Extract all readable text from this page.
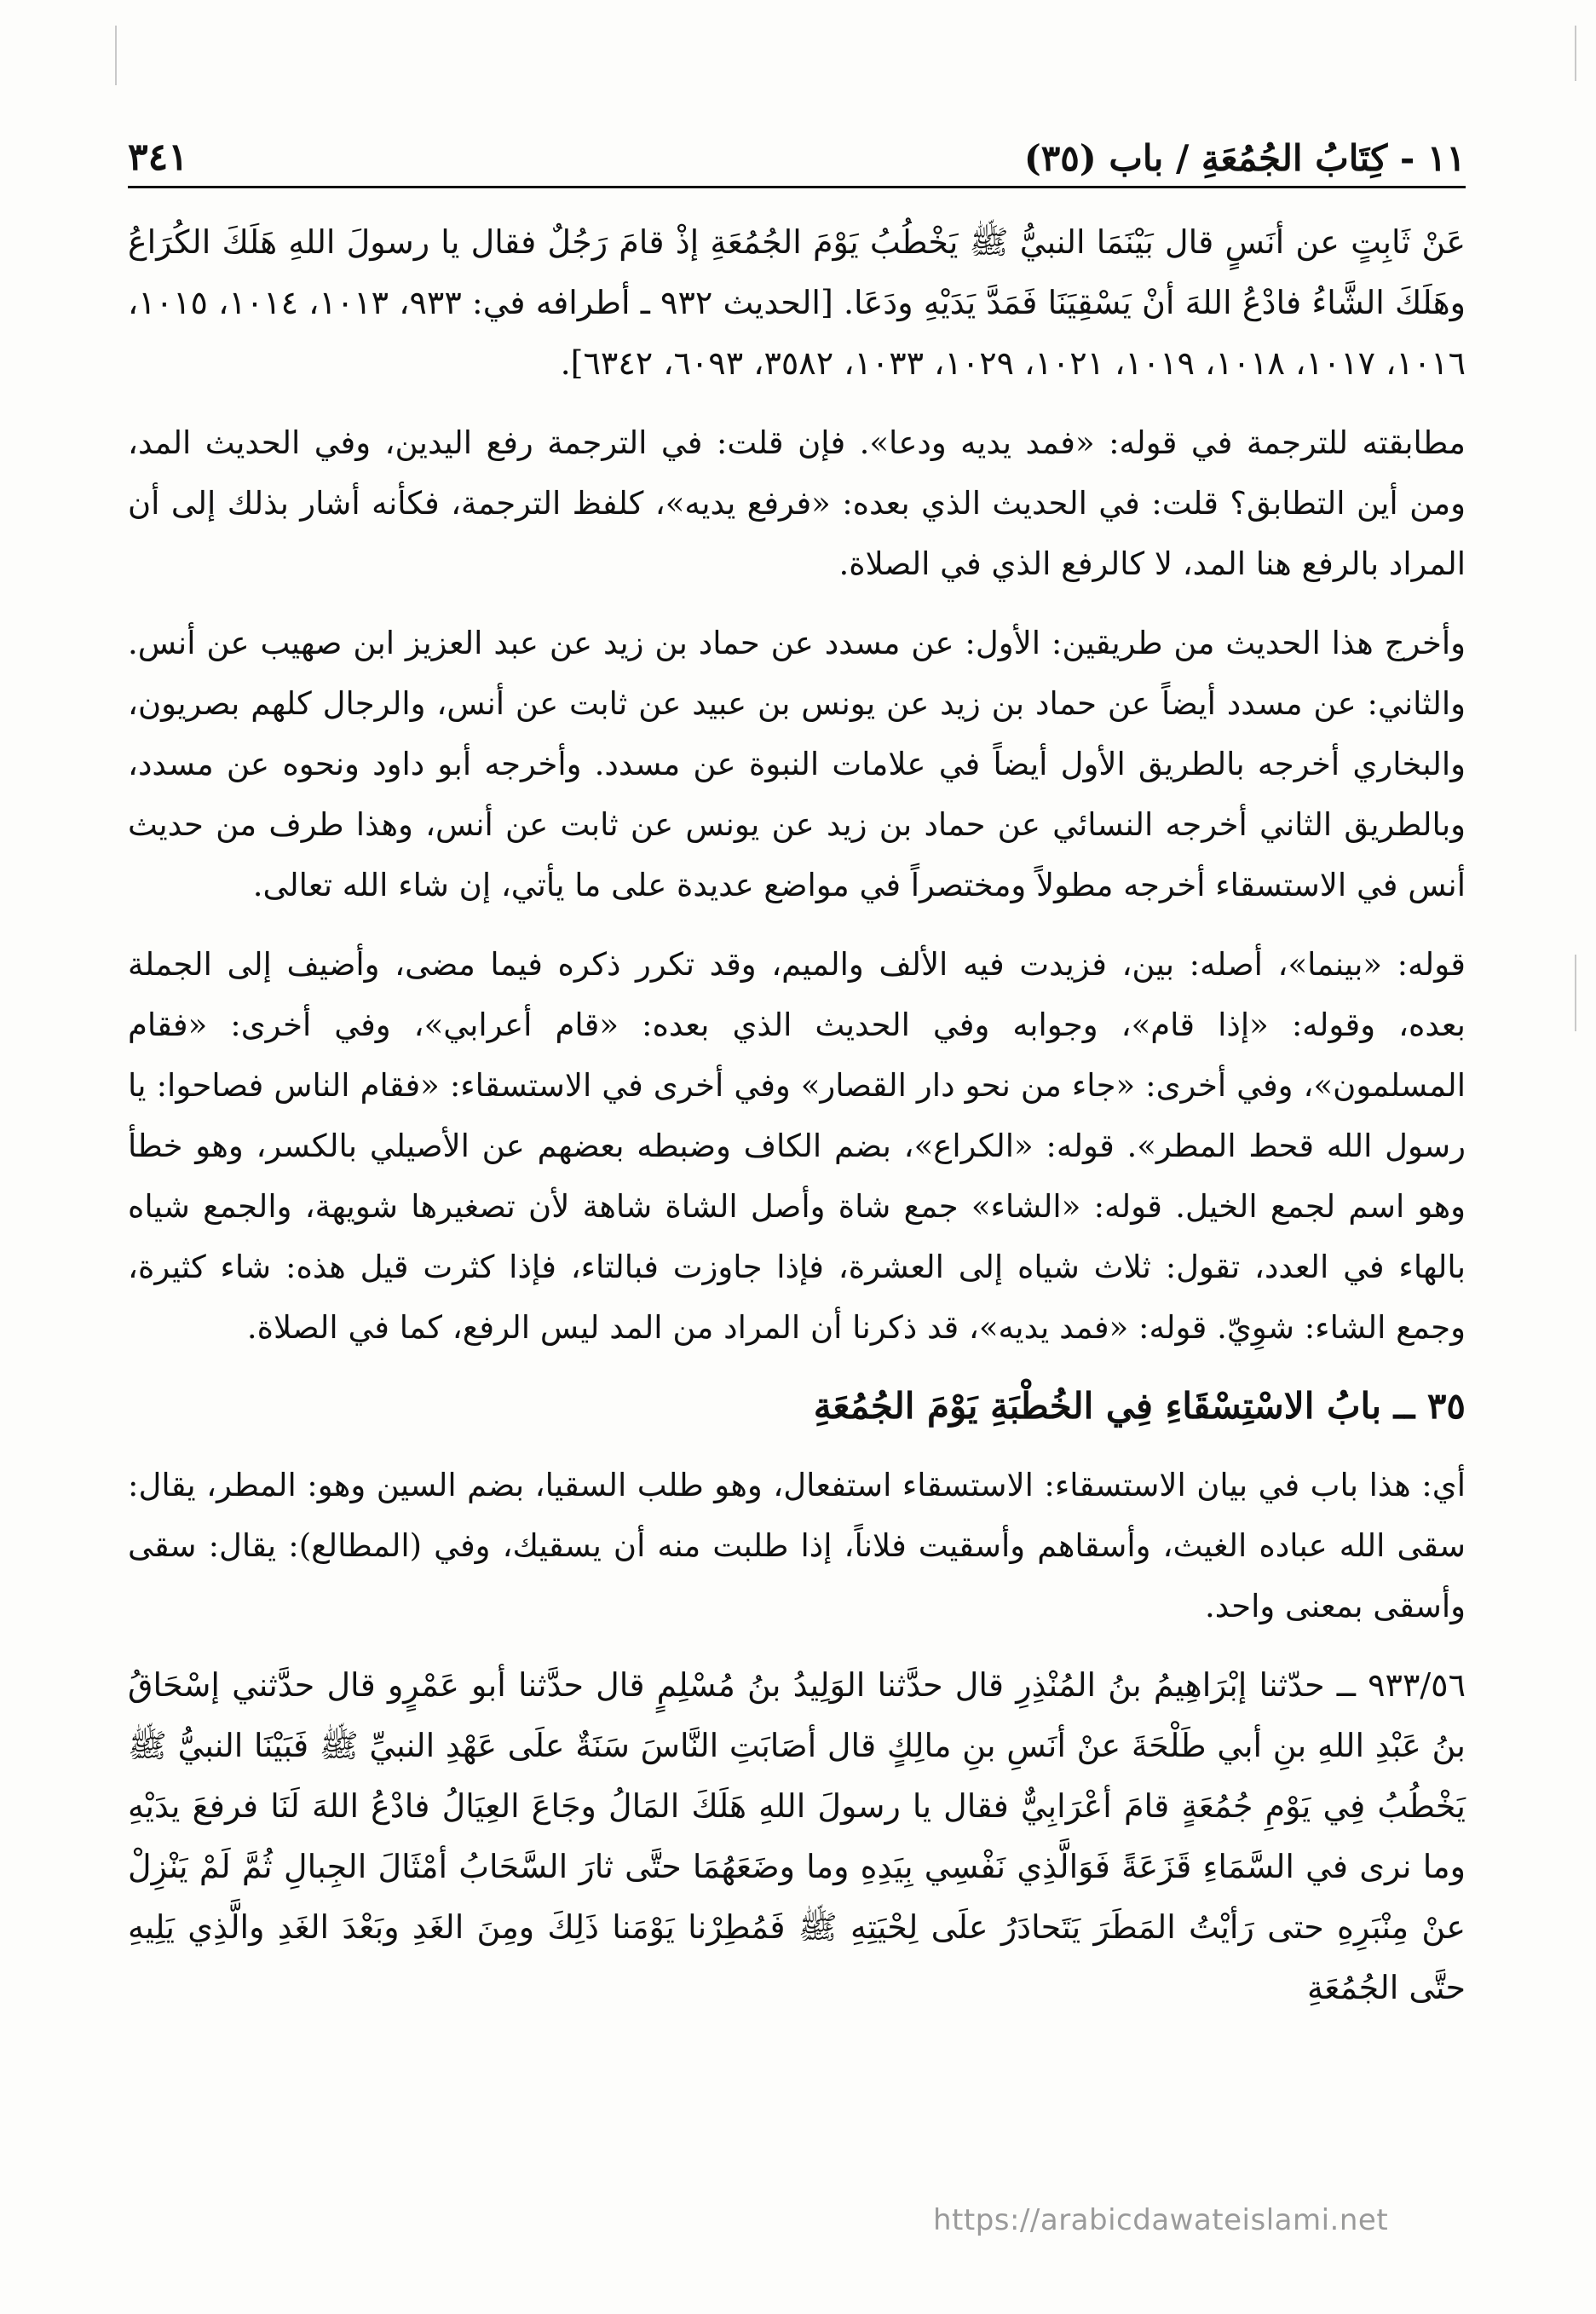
١١ - كِتَابُ الجُمُعَةِ / باب (٣٥)
٣٤١

عَنْ ثَابِتٍ عن أنَسٍ قال بَيْنَمَا النبيُّ ﷺ يَخْطُبُ يَوْمَ الجُمُعَةِ إذْ قامَ رَجُلٌ فقال يا رسولَ اللهِ هَلَكَ الكُرَاعُ وهَلَكَ الشَّاءُ فادْعُ اللهَ أنْ يَسْقِيَنَا فَمَدَّ يَدَيْهِ ودَعَا. [الحديث ٩٣٢ ـ أطرافه في: ٩٣٣، ١٠١٣، ١٠١٤، ١٠١٥، ١٠١٦، ١٠١٧، ١٠١٨، ١٠١٩، ١٠٢١، ١٠٢٩، ١٠٣٣، ٣٥٨٢، ٦٠٩٣، ٦٣٤٢].

مطابقته للترجمة في قوله: «فمد يديه ودعا». فإن قلت: في الترجمة رفع اليدين، وفي الحديث المد، ومن أين التطابق؟ قلت: في الحديث الذي بعده: «فرفع يديه»، كلفظ الترجمة، فكأنه أشار بذلك إلى أن المراد بالرفع هنا المد، لا كالرفع الذي في الصلاة.

وأخرج هذا الحديث من طريقين: الأول: عن مسدد عن حماد بن زيد عن عبد العزيز ابن صهيب عن أنس. والثاني: عن مسدد أيضاً عن حماد بن زيد عن يونس بن عبيد عن ثابت عن أنس، والرجال كلهم بصريون، والبخاري أخرجه بالطريق الأول أيضاً في علامات النبوة عن مسدد. وأخرجه أبو داود ونحوه عن مسدد، وبالطريق الثاني أخرجه النسائي عن حماد بن زيد عن يونس عن ثابت عن أنس، وهذا طرف من حديث أنس في الاستسقاء أخرجه مطولاً ومختصراً في مواضع عديدة على ما يأتي، إن شاء الله تعالى.

قوله: «بينما»، أصله: بين، فزيدت فيه الألف والميم، وقد تكرر ذكره فيما مضى، وأضيف إلى الجملة بعده، وقوله: «إذا قام»، وجوابه وفي الحديث الذي بعده: «قام أعرابي»، وفي أخرى: «فقام المسلمون»، وفي أخرى: «جاء من نحو دار القصار» وفي أخرى في الاستسقاء: «فقام الناس فصاحوا: يا رسول الله قحط المطر». قوله: «الكراع»، بضم الكاف وضبطه بعضهم عن الأصيلي بالكسر، وهو خطأ وهو اسم لجمع الخيل. قوله: «الشاء» جمع شاة وأصل الشاة شاهة لأن تصغيرها شويهة، والجمع شياه بالهاء في العدد، تقول: ثلاث شياه إلى العشرة، فإذا جاوزت فبالتاء، فإذا كثرت قيل هذه: شاء كثيرة، وجمع الشاء: شوِيّ. قوله: «فمد يديه»، قد ذكرنا أن المراد من المد ليس الرفع، كما في الصلاة.

٣٥ ــ بابُ الاسْتِسْقَاءِ فِي الخُطْبَةِ يَوْمَ الجُمُعَةِ

أي: هذا باب في بيان الاستسقاء: الاستسقاء استفعال، وهو طلب السقيا، بضم السين وهو: المطر، يقال: سقى الله عباده الغيث، وأسقاهم وأسقيت فلاناً، إذا طلبت منه أن يسقيك، وفي (المطالع): يقال: سقى وأسقى بمعنى واحد.

٩٣٣/٥٦ ــ حدّثنا إبْرَاهِيمُ بنُ المُنْذِرِ قال حدَّثنا الوَلِيدُ بنُ مُسْلِمٍ قال حدَّثنا أبو عَمْرٍو قال حدَّثني إسْحَاقُ بنُ عَبْدِ اللهِ بنِ أبي طَلْحَةَ عنْ أنَسِ بنِ مالِكٍ قال أصَابَتِ النَّاسَ سَنَةٌ علَى عَهْدِ النبيِّ ﷺ فَبَيْنَا النبيُّ ﷺ يَخْطُبُ فِي يَوْمِ جُمُعَةٍ قامَ أعْرَابِيٌّ فقال يا رسولَ اللهِ هَلَكَ المَالُ وجَاعَ العِيَالُ فادْعُ اللهَ لَنَا فرفعَ يدَيْهِ وما نرى في السَّمَاءِ قَزَعَةً فَوَالَّذِي نَفْسِي بِيَدِهِ وما وضَعَهُمَا حتَّى ثارَ السَّحَابُ أمْثَالَ الجِبالِ ثُمَّ لَمْ يَنْزِلْ عنْ مِنْبَرِهِ حتى رَأيْتُ المَطَرَ يَتَحادَرُ علَى لِحْيَتِهِ ﷺ فَمُطِرْنا يَوْمَنا ذَلِكَ ومِنَ الغَدِ وبَعْدَ الغَدِ والَّذِي يَلِيهِ حتَّى الجُمُعَةِ

https://arabicdawateislami.net
